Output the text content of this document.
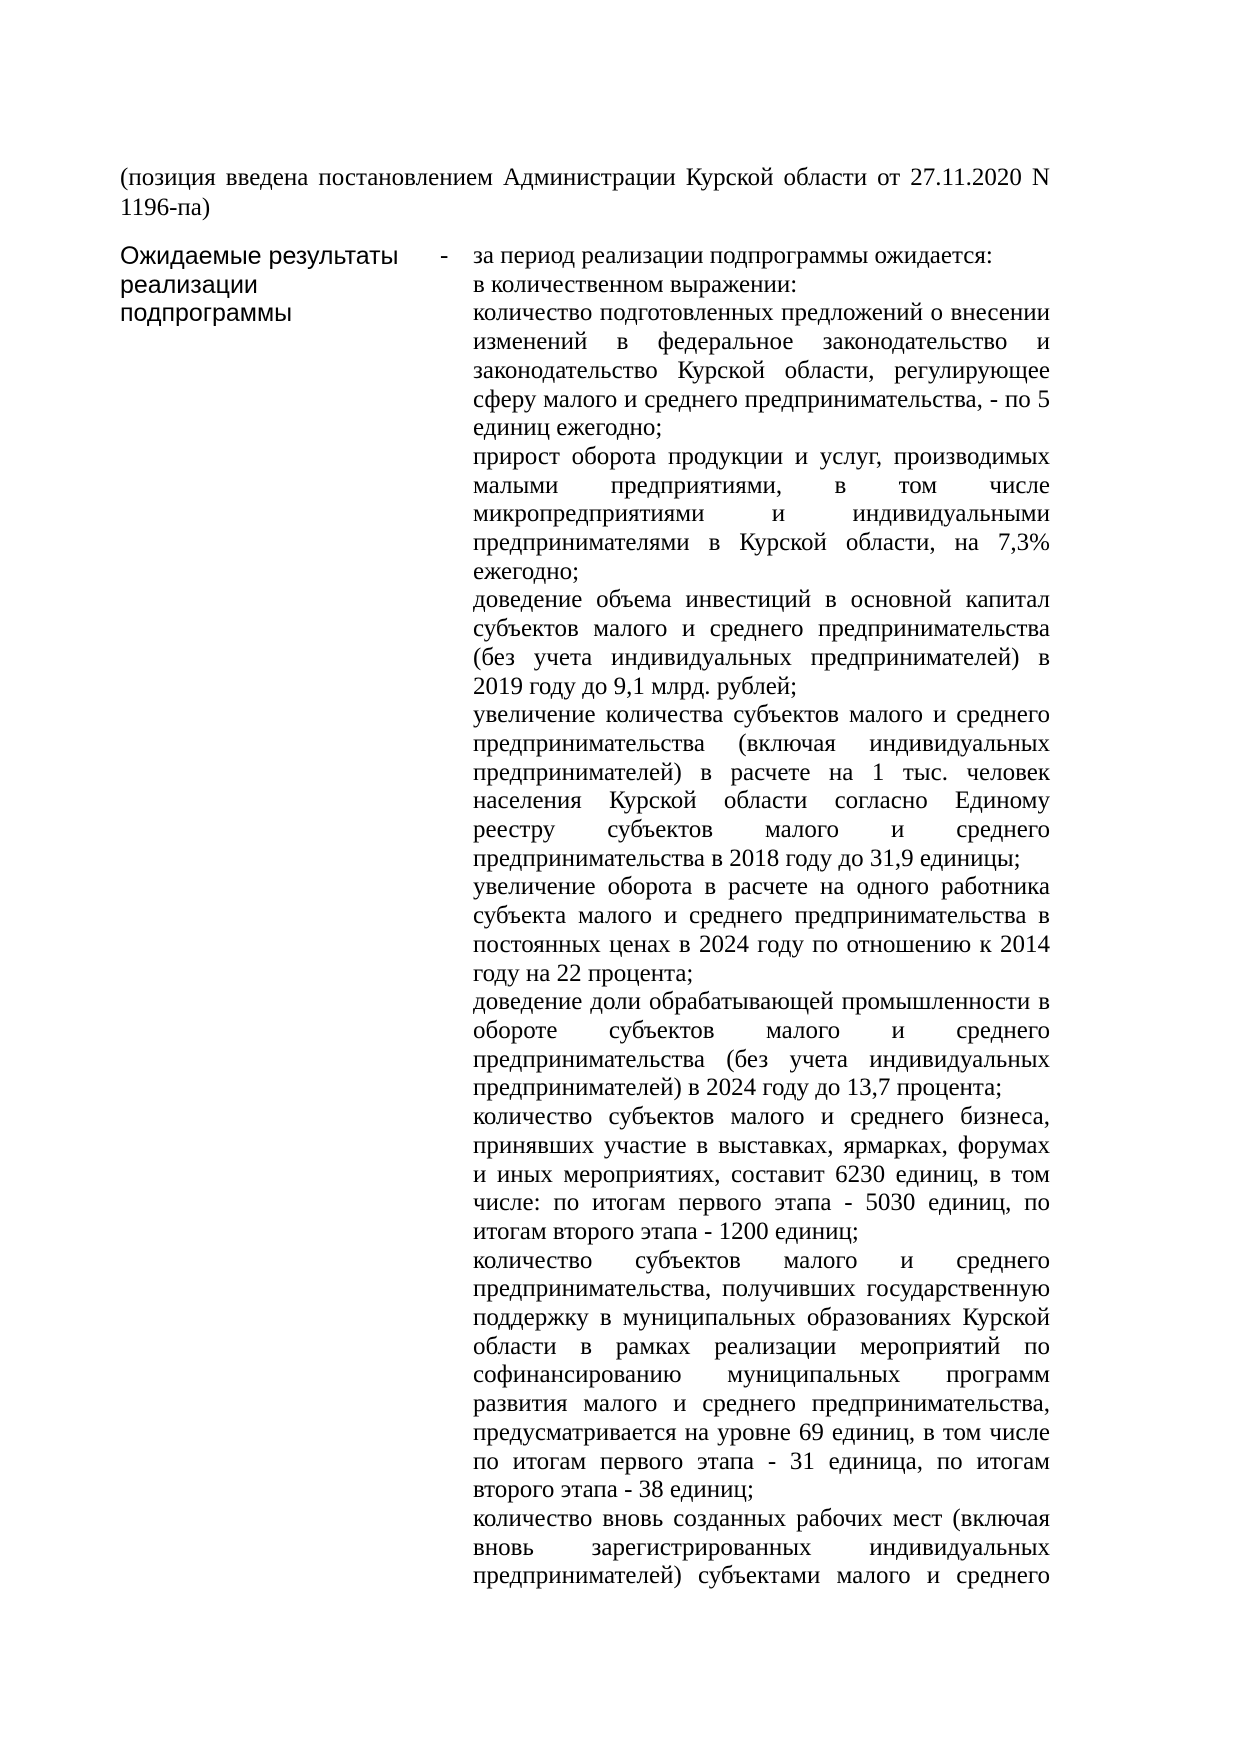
(позиция введена постановлением Администрации Курской области от 27.11.2020 N 1196-па)
Ожидаемые результаты реализации подпрограммы
- за период реализации подпрограммы ожидается:

в количественном выражении:

количество подготовленных предложений о внесении изменений в федеральное законодательство и законодательство Курской области, регулирующее сферу малого и среднего предпринимательства, - по 5 единиц ежегодно;

прирост оборота продукции и услуг, производимых малыми предприятиями, в том числе микропредприятиями и индивидуальными предпринимателями в Курской области, на 7,3% ежегодно;

доведение объема инвестиций в основной капитал субъектов малого и среднего предпринимательства (без учета индивидуальных предпринимателей) в 2019 году до 9,1 млрд. рублей;

увеличение количества субъектов малого и среднего предпринимательства (включая индивидуальных предпринимателей) в расчете на 1 тыс. человек населения Курской области согласно Единому реестру субъектов малого и среднего предпринимательства в 2018 году до 31,9 единицы;

увеличение оборота в расчете на одного работника субъекта малого и среднего предпринимательства в постоянных ценах в 2024 году по отношению к 2014 году на 22 процента;

доведение доли обрабатывающей промышленности в обороте субъектов малого и среднего предпринимательства (без учета индивидуальных предпринимателей) в 2024 году до 13,7 процента;

количество субъектов малого и среднего бизнеса, принявших участие в выставках, ярмарках, форумах и иных мероприятиях, составит 6230 единиц, в том числе: по итогам первого этапа - 5030 единиц, по итогам второго этапа - 1200 единиц;

количество субъектов малого и среднего предпринимательства, получивших государственную поддержку в муниципальных образованиях Курской области в рамках реализации мероприятий по софинансированию муниципальных программ развития малого и среднего предпринимательства, предусматривается на уровне 69 единиц, в том числе по итогам первого этапа - 31 единица, по итогам второго этапа - 38 единиц;

количество вновь созданных рабочих мест (включая вновь зарегистрированных индивидуальных предпринимателей) субъектами малого и среднего
